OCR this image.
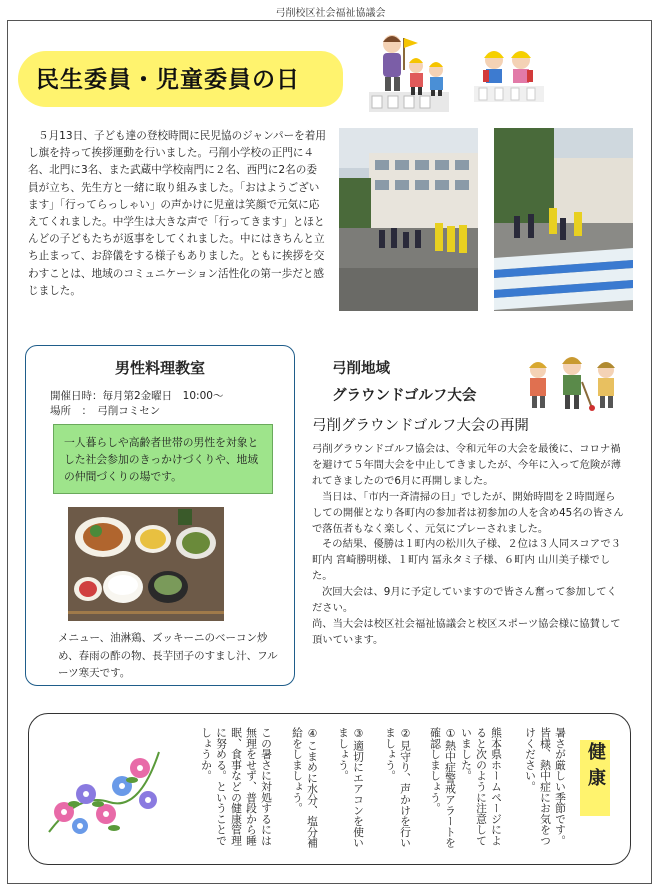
弓削校区社会福祉協議会
民生委員・児童委員の日
５月13日、子ども達の登校時間に民児協のジャンパーを着用し旗を持って挨拶運動を行いました。弓削小学校の正門に４名、北門に3名、また武蔵中学校南門に２名、西門に2名の委員が立ち、先生方と一緒に取り組みました。「おはようございます」「行ってらっしゃい」の声かけに児童は笑顔で元気に応えてくれました。中学生は大きな声で「行ってきます」とほとんどの子どもたちが返事をしてくれました。中にはきちんと立ち止まって、お辞儀をする様子もありました。ともに挨拶を交わすことは、地域のコミュニケーション活性化の第一歩だと感じました。
男性料理教室
開催日時：毎月第2金曜日　10:00～
場所　：　弓削コミセン
一人暮らしや高齢者世帯の男性を対象とした社会参加のきっかけづくりや、地域の仲間づくりの場です。
メニュー、油淋鶏、ズッキーニのベーコン炒め、春雨の酢の物、長芋団子のすまし汁、フルーツ寒天です。
弓削地域
グラウンドゴルフ大会
弓削グラウンドゴルフ大会の再開

弓削グラウンドゴルフ協会は、令和元年の大会を最後に、コロナ禍を避けて５年間大会を中止してきましたが、今年に入って危険が薄れてきましたので6月に再開しました。

当日は、「市内一斉清掃の日」でしたが、開始時間を２時間遅らしての開催となり各町内の参加者は初参加の人を含め45名の皆さんで落伍者もなく楽しく、元気にプレーされました。

その結果、優勝は１町内の松川久子様、２位は３人同スコアで３町内 宮崎勝明様、１町内 冨永タミ子様、６町内 山川美子様でした。

次回大会は、9月に予定していますので皆さん奮って参加してください。

尚、当大会は校区社会福祉協議会と校区スポーツ協会様に協賛して頂いています。

健康
暑さが厳しい季節です。皆様、熱中症にお気をつけください。
熊本県ホームページによると次のように注意していました。
①熱中症警戒アラートを確認しましょう。
②見守り、声かけを行いましょう。
③適切にエアコンを使いましょう。
④こまめに水分、塩分補給をしましょう。
この暑さに対処するには無理をせず、普段から睡眠、食事などの健康管理に努める。ということでしょうか。
